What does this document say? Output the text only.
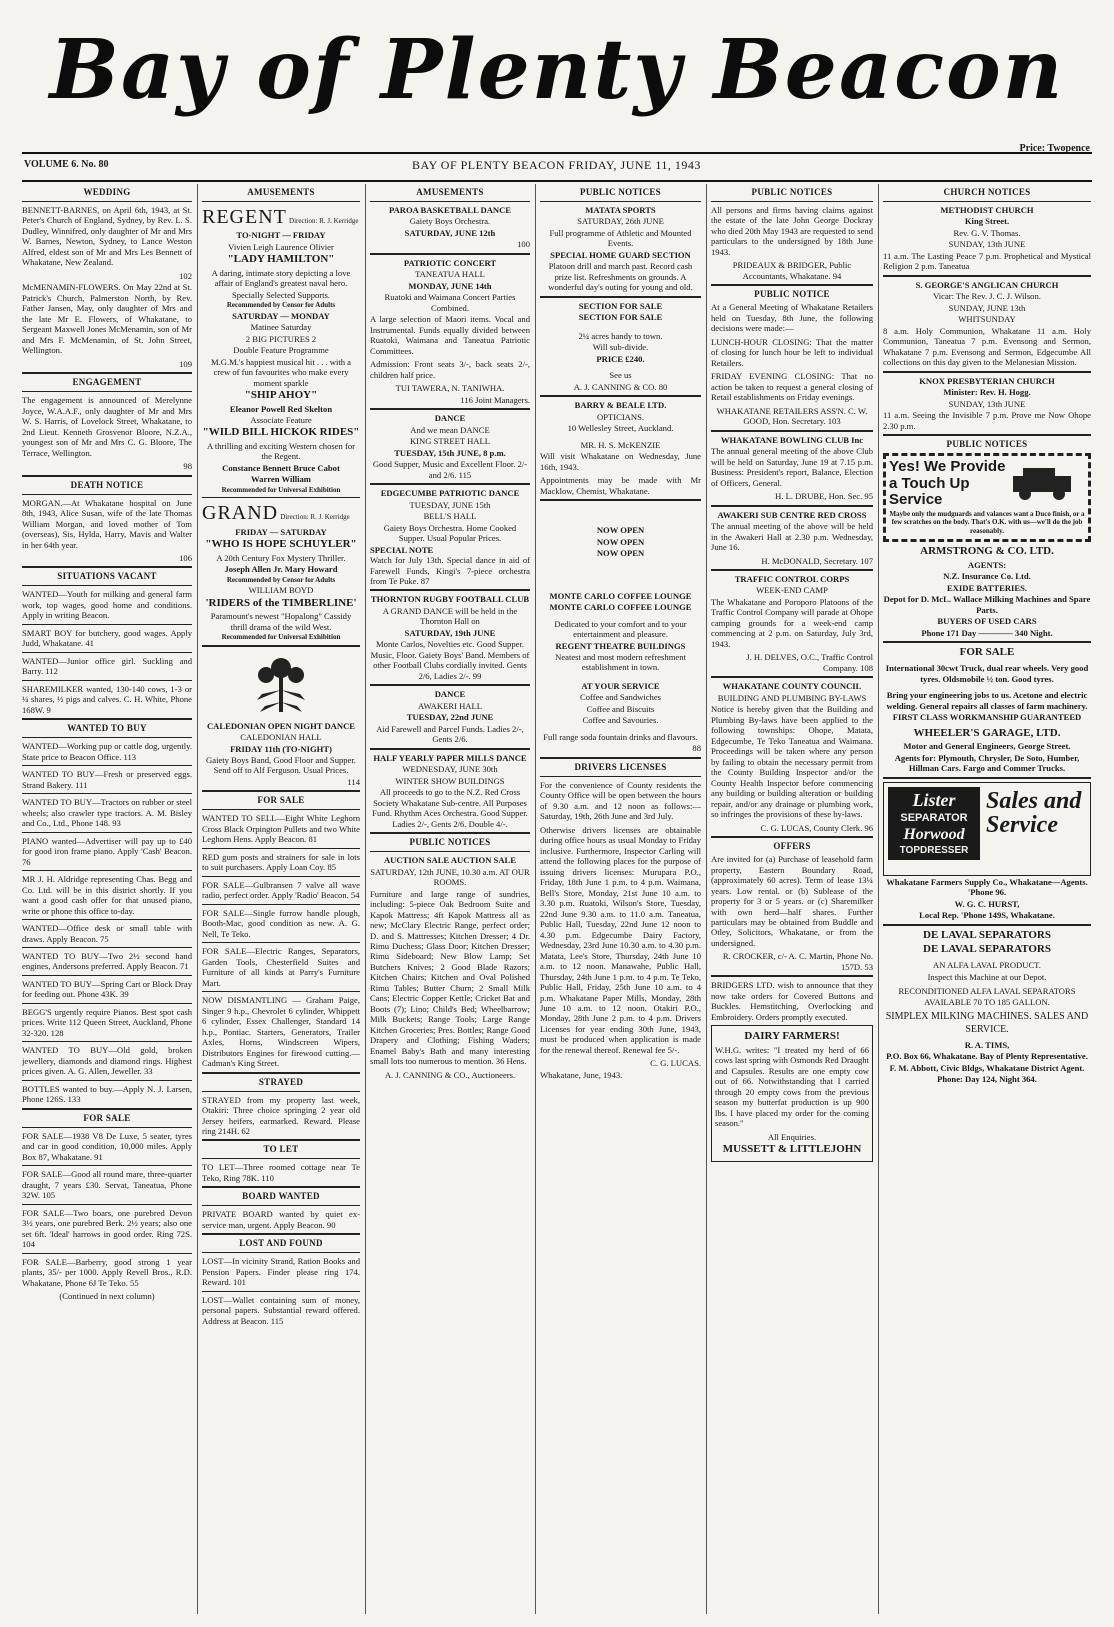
Bay of Plenty Beacon
VOLUME 6. No. 80	BAY OF PLENTY BEACON FRIDAY, JUNE 11, 1943
Price: Twopence
WEDDING
BENNETT-BARNES, on April 6th, 1943, at St. Peter's Church of England, Sydney, by Rev. L. S. Dudley, Winnifred, only daughter of Mr and Mrs W. Barnes, Newton, Sydney, to Lance Weston Alfred, eldest son of Mr and Mrs Les Bennett of Whakatane, New Zealand.
102
McMENAMIN-FLOWERS. On May 22nd at St. Patrick's Church, Palmerston North, by Rev. Father Jansen, May, only daughter of Mrs and the late Mr E. Flowers, of Whakatane, to Sergeant Maxwell Jones McMenamin, son of Mr and Mrs F. McMenamin, of St. John Street, Wellington.
109
ENGAGEMENT
The engagement is announced of Merelynne Joyce, W.A.A.F., only daughter of Mr and Mrs W. S. Harris, of Lovelock Street, Whakatane, to 2nd Lieut. Kenneth Grosvenor Bloore, N.Z.A., youngest son of Mr and Mrs C. G. Bloore, The Terrace, Wellington.
98
DEATH NOTICE
MORGAN.—At Whakatane hospital on June 8th, 1943, Alice Susan, wife of the late Thomas William Morgan, and loved mother of Tom (overseas), Sis, Hylda, Harry, Mavis and Walter in her 64th year.
106
SITUATIONS VACANT
WANTED—Youth for milking and general farm work, top wages, good home and conditions. Apply in writing Beacon.
SMART BOY for butchery, good wages. Apply Judd, Whakatane. 41
WANTED—Junior office girl. Suckling and Barry. 112
SHAREMILKER wanted, 130-140 cows, 1-3 or ¼ shares, ½ pigs and calves. C. H. White, Phone 168W. 9
WANTED TO BUY
WANTED—Working pup or cattle dog, urgently. State price to Beacon Office. 113
WANTED TO BUY—Fresh or preserved eggs. Strand Bakery. 111
WANTED TO BUY—Tractors on rubber or steel wheels; also crawler type tractors. A. M. Bisley and Co., Ltd., Phone 148. 93
PIANO wanted—Advertiser will pay up to £40 for good iron frame piano. Apply 'Cash' Beacon. 76
MR J. H. Aldridge representing Chas. Begg and Co. Ltd. will be in this district shortly. If you want a good cash offer for that unused piano, write or phone this office to-day.
WANTED—Office desk or small table with draws. Apply Beacon. 75
WANTED TO BUY—Two 2½ second hand engines, Andersons preferred. Apply Beacon. 71
WANTED TO BUY—Spring Cart or Block Dray for feeding out. Phone 43K. 39
BEGG'S urgently require Pianos. Best spot cash prices. Write 112 Queen Street, Auckland, Phone 32-320. 128
WANTED TO BUY—Old gold, broken jewellery, diamonds and diamond rings. Highest prices given. A. G. Allen, Jeweller. 33
BOTTLES wanted to buy.—Apply N. J. Larsen, Phone 126S. 133
FOR SALE
FOR SALE—1938 V8 De Luxe, 5 seater, tyres and car in good condition, 10,000 miles. Apply Box 87, Whakatane. 91
FOR SALE—Good all round mare, three-quarter draught, 7 years £30. Servat, Taneatua, Phone 32W. 105
FOR SALE—Two boars, one purebred Devon 3½ years, one purebred Berk. 2½ years; also one set 6ft. 'Ideal' harrows in good order. Ring 72S. 104
FOR SALE—Barberry, good strong 1 year plants, 35/- per 1000. Apply Revell Bros., R.D. Whakatane, Phone 6J Te Teko. 55
(Continued in next column)
AMUSEMENTS
REGENT Direction: R. J. Kerridge
TO-NIGHT — FRIDAY
Vivien Leigh Laurence Olivier
"LADY HAMILTON"
A daring, intimate story depicting a love affair of England's greatest naval hero.
Specially Selected Supports.
Recommended by Censor for Adults
SATURDAY — MONDAY
Matinee Saturday
2 BIG PICTURES 2
Double Feature Programme
M.G.M.'s happiest musical hit . . . with a crew of fun favourites who make every moment sparkle
"SHIP AHOY"
Eleanor Powell Red Skelton
Associate Feature
"WILD BILL HICKOK RIDES"
A thrilling and exciting Western chosen for the Regent.
Constance Bennett Bruce Cabot
Warren William
Recommended for Universal Exhibition
GRAND Direction: R. J. Kerridge
FRIDAY — SATURDAY
"WHO IS HOPE SCHUYLER"
A 20th Century Fox Mystery Thriller.
Joseph Allen Jr. Mary Howard
Recommended by Censor for Adults
WILLIAM BOYD
'RIDERS of the TIMBERLINE'
Paramount's newest "Hopalong" Cassidy thrill drama of the wild West.
Recommended for Universal Exhibition
CALEDONIAN OPEN NIGHT DANCE
CALEDONIAN HALL
FRIDAY 11th (TO-NIGHT)
Gaiety Boys Band, Good Floor and Supper. Send off to Alf Ferguson. Usual Prices.
114
FOR SALE
WANTED TO SELL—Eight White Leghorn Cross Black Orpington Pullets and two White Leghorn Hens. Apply Beacon. 81
RED gum posts and strainers for sale in lots to suit purchasers. Apply Loan Coy. 85
FOR SALE—Gulbransen 7 valve all wave radio, perfect order. Apply 'Radio' Beacon. 54
FOR SALE—Single furrow handle plough, Booth-Mac, good condition as new. A. G. Nell, Te Teko.
FOR SALE—Electric Ranges, Separators, Garden Tools, Chesterfield Suites and Furniture of all kinds at Parry's Furniture Mart.
NOW DISMANTLING — Graham Paige, Singer 9 h.p., Chevrolet 6 cylinder, Whippett 6 cylinder, Essex Challenger, Standard 14 h.p., Pontiac. Starters, Generators, Trailer Axles, Horns, Windscreen Wipers, Distributors Engines for firewood cutting.—Cadman's King Street.
STRAYED
STRAYED from my property last week, Otakiri: Three choice springing 2 year old Jersey heifers, earmarked. Reward. Please ring 214H. 62
TO LET
TO LET—Three roomed cottage near Te Teko, Ring 78K. 110
BOARD WANTED
PRIVATE BOARD wanted by quiet ex-service man, urgent. Apply Beacon. 90
LOST AND FOUND
LOST—In vicinity Strand, Ration Books and Pension Papers. Finder please ring 174. Reward. 101
LOST—Wallet containing sum of money, personal papers. Substantial reward offered. Address at Beacon. 115
AMUSEMENTS
PAROA BASKETBALL DANCE
Gaiety Boys Orchestra.
SATURDAY, JUNE 12th
100
PATRIOTIC CONCERT
TANEATUA HALL
MONDAY, JUNE 14th
Ruatoki and Waimana Concert Parties Combined.
A large selection of Maori items. Vocal and Instrumental. Funds equally divided between Ruatoki, Waimana and Taneatua Patriotic Committees.
Admission: Front seats 3/-, back seats 2/-, children half price.
TUI TAWERA, N. TANIWHA.
116 Joint Managers.
DANCE
And we mean DANCE
KING STREET HALL
TUESDAY, 15th JUNE, 8 p.m.
Good Supper, Music and Excellent Floor. 2/- and 2/6. 115
EDGECUMBE PATRIOTIC DANCE
TUESDAY, JUNE 15th
BELL'S HALL
Gaiety Boys Orchestra. Home Cooked Supper. Usual Popular Prices.
SPECIAL NOTE
Watch for July 13th. Special dance in aid of Farewell Funds, Kingi's 7-piece orchestra from Te Puke. 87
THORNTON RUGBY FOOTBALL CLUB
A GRAND DANCE will be held in the Thornton Hall on
SATURDAY, 19th JUNE
Monte Carlos, Novelties etc. Good Supper. Music, Floor. Gaiety Boys' Band. Members of other Football Clubs cordially invited. Gents 2/6, Ladies 2/-. 99
DANCE
AWAKERI HALL
TUESDAY, 22nd JUNE
Aid Farewell and Parcel Funds. Ladies 2/-, Gents 2/6.
HALF YEARLY PAPER MILLS DANCE
WEDNESDAY, JUNE 30th
WINTER SHOW BUILDINGS
All proceeds to go to the N.Z. Red Cross Society Whakatane Sub-centre. All Purposes Fund. Rhythm Aces Orchestra. Good Supper. Ladies 2/-, Gents 2/6. Double 4/-.
PUBLIC NOTICES
AUCTION SALE AUCTION SALE
SATURDAY, 12th JUNE, 10.30 a.m. AT OUR ROOMS.
Furniture and large range of sundries, including: 5-piece Oak Bedroom Suite and Kapok Mattress; 4ft Kapok Mattress all as new; McClary Electric Range, perfect order; D. and S. Mattresses; Kitchen Dresser; 4 Dr. Rimu Duchess; Glass Door; Kitchen Dresser; Rimu Sideboard; New Blow Lamp; Set Butchers Knives; 2 Good Blade Razors; Kitchen Chairs; Kitchen and Oval Polished Rimu Tables; Butter Churn; 2 Small Milk Cans; Electric Copper Kettle; Cricket Bat and Boots (7); Lino; Child's Bed; Wheelbarrow; Milk Buckets; Range Tools; Large Range Kitchen Groceries; Pres. Bottles; Range Good Drapery and Clothing; Fishing Waders; Enamel Baby's Bath and many interesting small lots too numerous to mention. 36 Hens.
A. J. CANNING & CO., Auctioneers.
PUBLIC NOTICES
MATATA SPORTS
SATURDAY, 26th JUNE
Full programme of Athletic and Mounted Events.
SPECIAL HOME GUARD SECTION
Platoon drill and march past. Record cash prize list. Refreshments on grounds. A wonderful day's outing for young and old.
SECTION FOR SALE
SECTION FOR SALE
2¼ acres handy to town.
Will sub-divide.
PRICE £240.
See us
A. J. CANNING & CO. 80
BARRY & BEALE LTD.
OPTICIANS.
10 Wellesley Street, Auckland.
MR. H. S. McKENZIE
Will visit Whakatane on Wednesday, June 16th, 1943.
Appointments may be made with Mr Macklow, Chemist, Whakatane.
NOW OPEN
NOW OPEN
NOW OPEN
MONTE CARLO COFFEE LOUNGE
MONTE CARLO COFFEE LOUNGE
Dedicated to your comfort and to your entertainment and pleasure.
REGENT THEATRE BUILDINGS
Neatest and most modern refreshment establishment in town.
AT YOUR SERVICE
Coffee and Sandwiches
Coffee and Biscuits
Coffee and Savouries.
Full range soda fountain drinks and flavours.
88
DRIVERS LICENSES
For the convenience of County residents the County Office will be open between the hours of 9.30 a.m. and 12 noon as follows:— Saturday, 19th, 26th June and 3rd July.
Otherwise drivers licenses are obtainable during office hours as usual Monday to Friday inclusive. Furthermore, Inspector Carling will attend the following places for the purpose of issuing drivers licenses: Murupara P.O., Friday, 18th June 1 p.m. to 4 p.m. Waimana, Bell's Store, Monday, 21st June 10 a.m. to 3.30 p.m. Ruatoki, Wilson's Store, Tuesday, 22nd June 9.30 a.m. to 11.0 a.m. Taneatua, Public Hall, Tuesday, 22nd June 12 noon to 4.30 p.m. Edgecumbe Dairy Factory, Wednesday, 23rd June 10.30 a.m. to 4.30 p.m. Matata, Lee's Store, Thursday, 24th June 10 a.m. to 12 noon. Manawahe, Public Hall, Thursday, 24th June 1 p.m. to 4 p.m. Te Teko, Public Hall, Friday, 25th June 10 a.m. to 4 p.m. Whakatane Paper Mills, Monday, 28th June 10 a.m. to 12 noon. Otakiri P.O., Monday, 28th June 2 p.m. to 4 p.m. Drivers Licenses for year ending 30th June, 1943, must be produced when application is made for the renewal thereof. Renewal fee 5/-.
C. G. LUCAS.
Whakatane, June, 1943.
PUBLIC NOTICES
All persons and firms having claims against the estate of the late John George Dockray who died 20th May 1943 are requested to send particulars to the undersigned by 18th June 1943.
PRIDEAUX & BRIDGER, Public Accountants, Whakatane. 94
PUBLIC NOTICE
At a General Meeting of Whakatane Retailers held on Tuesday, 8th June, the following decisions were made:—
LUNCH-HOUR CLOSING: That the matter of closing for lunch hour be left to individual Retailers.
FRIDAY EVENING CLOSING: That no action be taken to request a general closing of Retail establishments on Friday evenings.
WHAKATANE RETAILERS ASS'N. C. W. GOOD, Hon. Secretary. 103
WHAKATANE BOWLING CLUB Inc
The annual general meeting of the above Club will be held on Saturday, June 19 at 7.15 p.m. Business: President's report, Balance, Election of Officers, General.
H. L. DRUBE, Hon. Sec. 95
AWAKERI SUB CENTRE RED CROSS
The annual meeting of the above will be held in the Awakeri Hall at 2.30 p.m. Wednesday, June 16.
H. McDONALD, Secretary. 107
TRAFFIC CONTROL CORPS
WEEK-END CAMP
The Whakatane and Poroporo Platoons of the Traffic Control Company will parade at Ohope camping grounds for a week-end camp commencing at 2 p.m. on Saturday, July 3rd, 1943.
J. H. DELVES, O.C., Traffic Control Company. 108
WHAKATANE COUNTY COUNCIL
BUILDING AND PLUMBING BY-LAWS
Notice is hereby given that the Building and Plumbing By-laws have been applied to the following townships: Ohope, Matata, Edgecumbe, Te Teko Taneatua and Waimana. Proceedings will be taken where any person by failing to obtain the necessary permit from the County Building Inspector and/or the County Health Inspector before commencing any building or building alteration or building repair, and/or any drainage or plumbing work, so infringes the provisions of these by-laws.
C. G. LUCAS, County Clerk. 96
OFFERS
Are invited for (a) Purchase of leasehold farm property, Eastern Boundary Road, (approximately 60 acres). Term of lease 13¼ years. Low rental. or (b) Sublease of the property for 3 or 5 years. or (c) Sharemilker with own herd—half shares. Further particulars may be obtained from Buddle and Otley, Solicitors, Whakatane, or from the undersigned.
R. CROCKER, c/- A. C. Martin, Phone No. 157D. 53
BRIDGERS LTD. wish to announce that they now take orders for Covered Buttons and Buckles. Hemstitching, Overlocking and Embroidery. Orders promptly executed.
DAIRY FARMERS!
W.H.G. writes: "I treated my herd of 66 cows last spring with Osmonds Red Draught and Capsules. Results are one empty cow out of 66. Notwithstanding that I carried through 20 empty cows from the previous season my butterfat production is up 900 lbs. I have placed my order for the coming season."
All Enquiries.
MUSSETT & LITTLEJOHN
CHURCH NOTICES
METHODIST CHURCH
King Street.
Rev. G. V. Thomas.
SUNDAY, 13th JUNE
11 a.m. The Lasting Peace 7 p.m. Prophetical and Mystical Religion 2 p.m. Taneatua
S. GEORGE'S ANGLICAN CHURCH
Vicar: The Rev. J. C. J. Wilson.
SUNDAY, JUNE 13th
WHITSUNDAY
8 a.m. Holy Communion, Whakatane 11 a.m. Holy Communion, Taneatua 7 p.m. Evensong and Sermon, Whakatane 7 p.m. Evensong and Sermon, Edgecumbe All collections on this day given to the Melanesian Mission.
KNOX PRESBYTERIAN CHURCH
Minister: Rev. H. Hogg.
SUNDAY, 13th JUNE
11 a.m. Seeing the Invisible 7 p.m. Prove me Now Ohope 2.30 p.m.
PUBLIC NOTICES
Yes! We Provide a Touch Up Service
Maybe only the mudguards and valances want a Duco finish, or a few scratches on the body. That's O.K. with us—we'll do the job reasonably.
ARMSTRONG & CO. LTD.
AGENTS:
N.Z. Insurance Co. Ltd.
EXIDE BATTERIES.
Depot for D. McL. Wallace Milking Machines and Spare Parts.
BUYERS OF USED CARS
Phone 171 Day ———— 340 Night.
FOR SALE
International 30cwt Truck, dual rear wheels. Very good tyres. Oldsmobile ½ ton. Good tyres.
Bring your engineering jobs to us. Acetone and electric welding. General repairs all classes of farm machinery.
FIRST CLASS WORKMANSHIP GUARANTEED
WHEELER'S GARAGE, LTD.
Motor and General Engineers, George Street.
Agents for: Plymouth, Chrysler, De Soto, Humber, Hillman Cars. Fargo and Commer Trucks.
Lister
SEPARATOR
Horwood
TOPDRESSER
Sales and Service
Whakatane Farmers Supply Co., Whakatane—Agents. 'Phone 96.
W. G. C. HURST,
Local Rep. 'Phone 149S, Whakatane.
DE LAVAL SEPARATORS
DE LAVAL SEPARATORS
AN ALFA LAVAL PRODUCT.
Inspect this Machine at our Depot.
RECONDITIONED ALFA LAVAL SEPARATORS AVAILABLE 70 TO 185 GALLON.
SIMPLEX MILKING MACHINES. SALES AND SERVICE.
R. A. TIMS,
P.O. Box 66, Whakatane. Bay of Plenty Representative.
F. M. Abbott, Civic Bldgs, Whakatane District Agent.
Phone: Day 124, Night 364.
